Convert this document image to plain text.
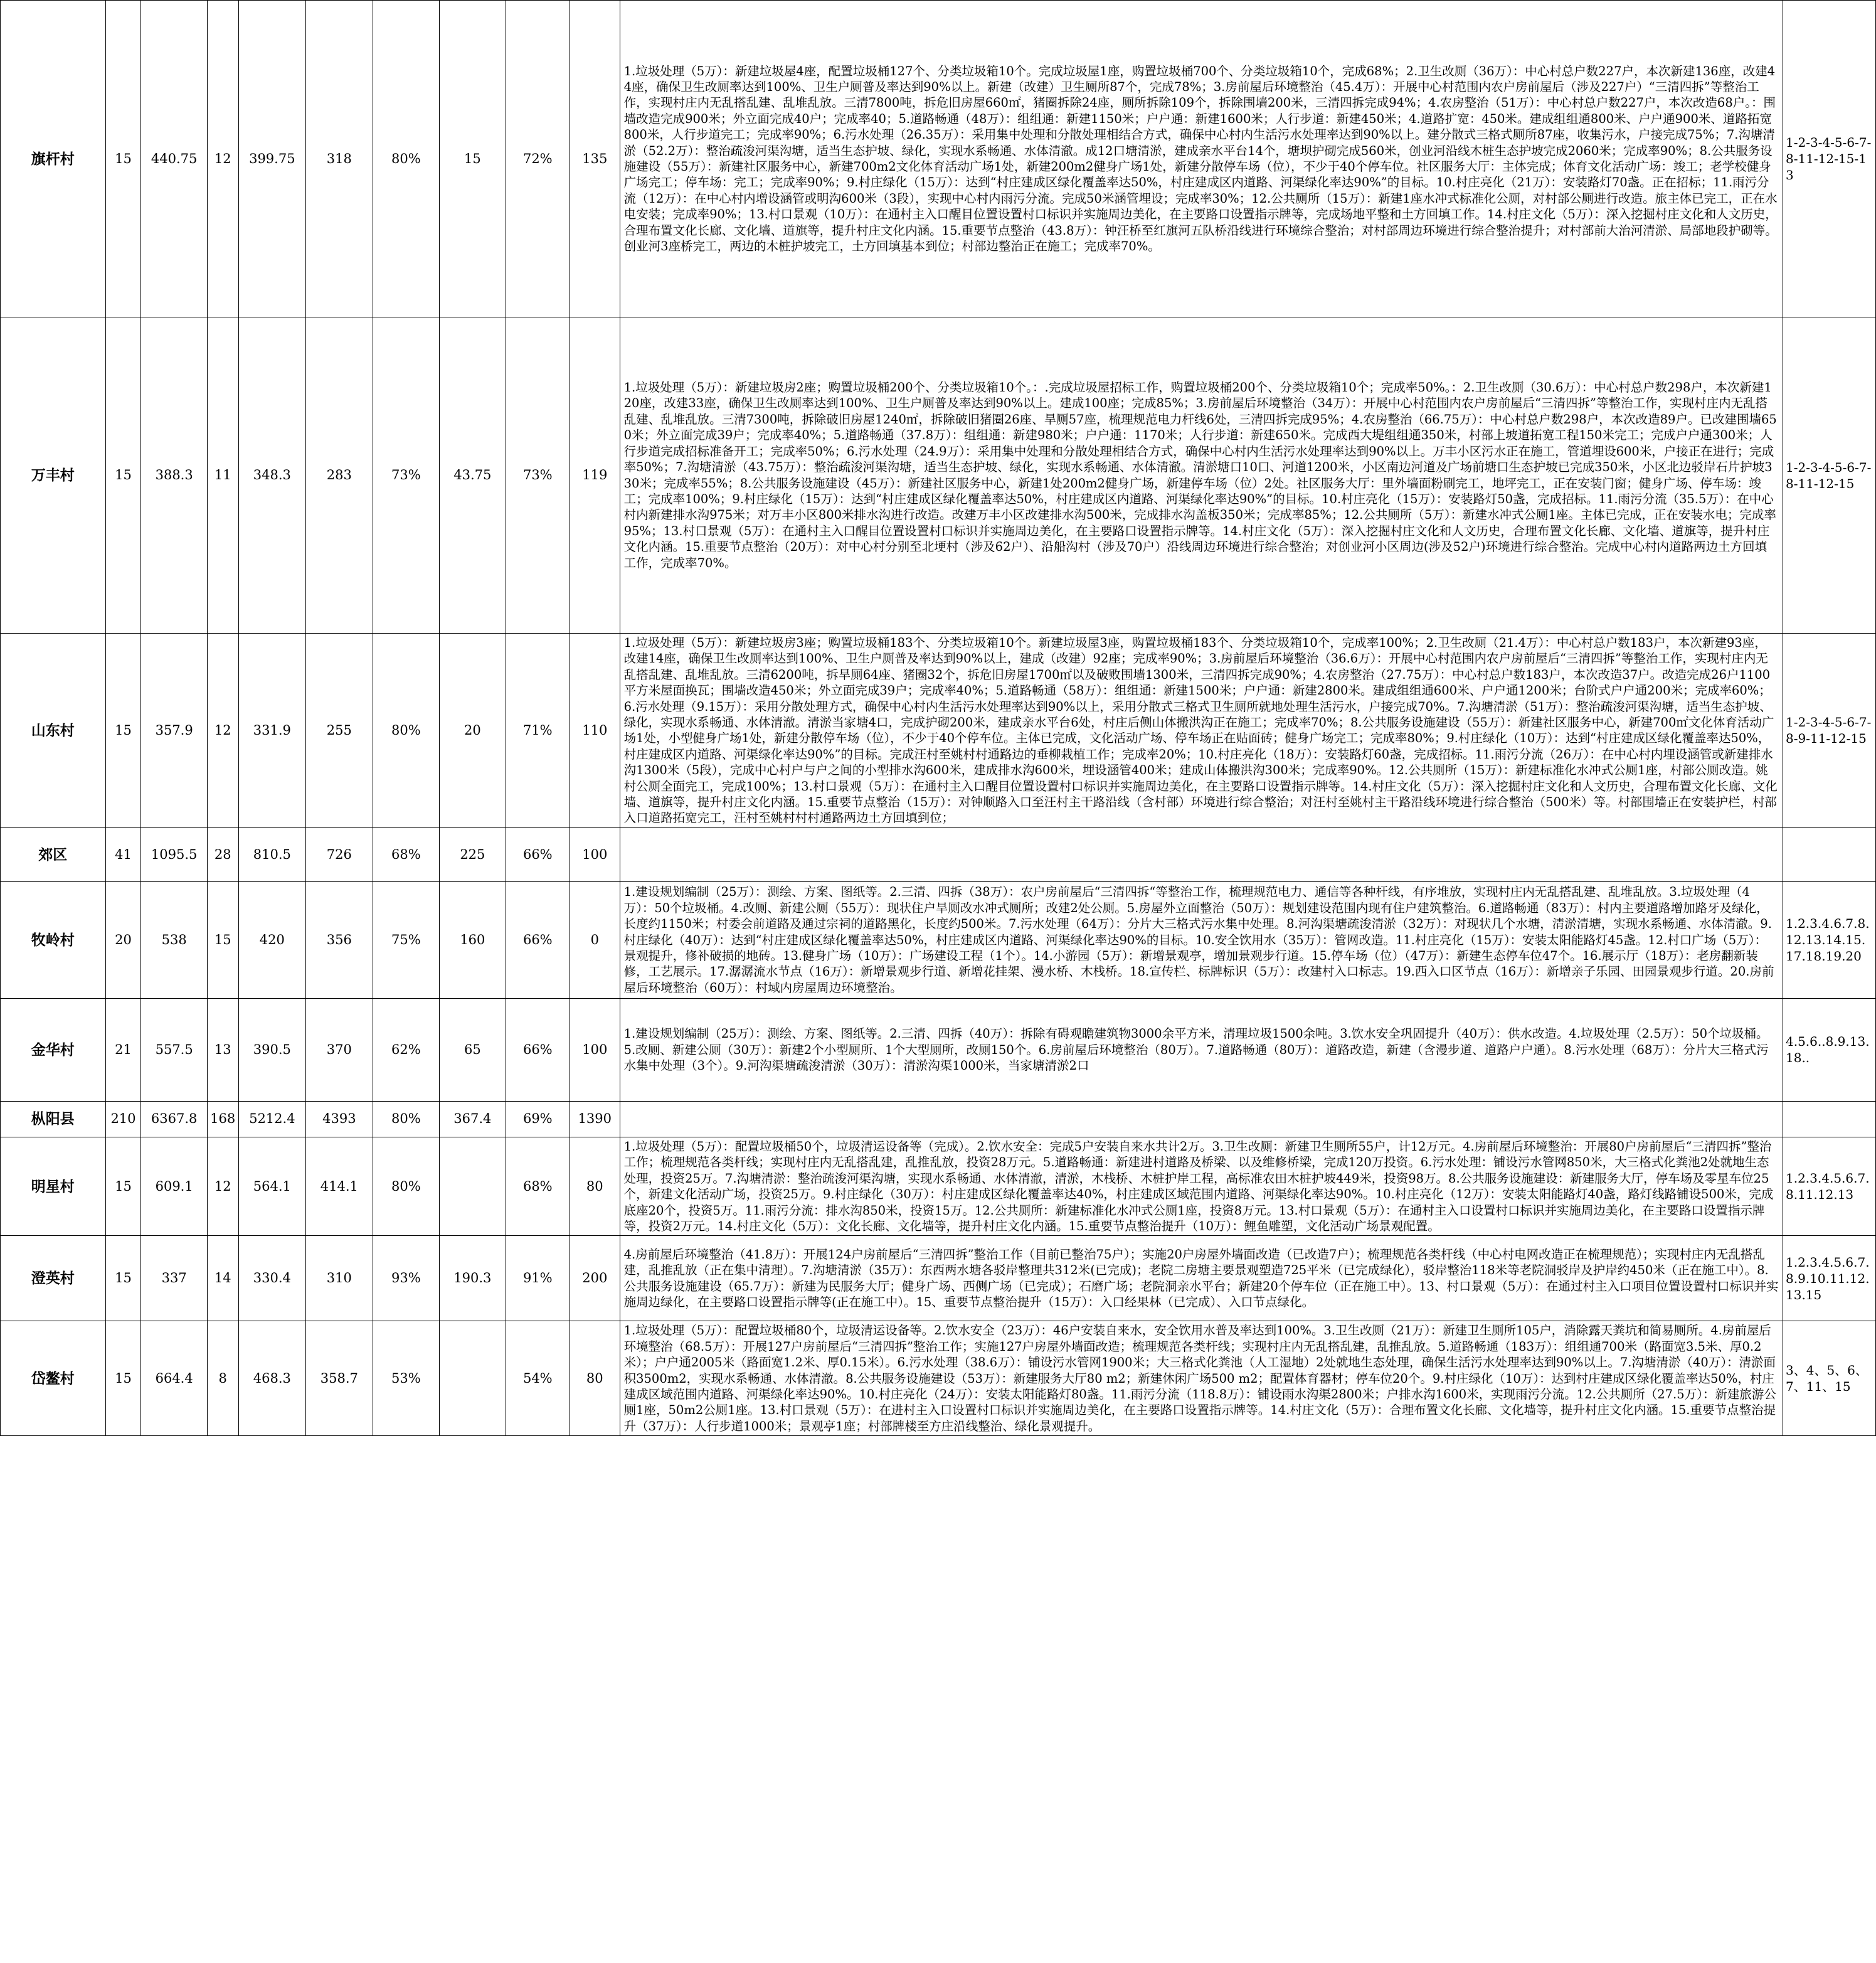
旗杆村	15	440.75	12	399.75	318	80%	15	72%	135	1.垃圾处理（5万）：新建垃圾屋4座，配置垃圾桶127个、分类垃圾箱10个。完成垃圾屋1座，购置垃圾桶700个、分类垃圾箱10个，完成68%；2.卫生改厕（36万）：中心村总户数227户，本次新建136座，改建44座，确保卫生改厕率达到100%、卫生户厕普及率达到90%以上。新建（改建）卫生厕所87个，完成78%；3.房前屋后环境整治（45.4万）：开展中心村范围内农户房前屋后（涉及227户）“三清四拆”等整治工作，实现村庄内无乱搭乱建、乱堆乱放。三清7800吨，拆危旧房屋660㎡，猪圈拆除24座，厕所拆除109个，拆除围墙200米，三清四拆完成94%；4.农房整治（51万）：中心村总户数227户，本次改造68户。：围墙改造完成900米；外立面完成40户；完成率40；5.道路畅通（48万）：组组通：新建1150米；户户通：新建1600米；人行步道：新建450米；4.道路扩宽：450米。建成组组通800米、户户通900米、道路拓宽800米，人行步道完工；完成率90%；6.污水处理（26.35万）：采用集中处理和分散处理相结合方式，确保中心村内生活污水处理率达到90%以上。建分散式三格式厕所87座，收集污水，户接完成75%；7.沟塘清淤（52.2万）：整治疏浚河渠沟塘，适当生态护坡、绿化，实现水系畅通、水体清澈。成12口塘清淤，建成亲水平台14个，塘坝护砌完成560米，创业河沿线木桩生态护坡完成2060米；完成率90%；8.公共服务设施建设（55万）：新建社区服务中心，新建700m2文化体育活动广场1处，新建200m2健身广场1处，新建分散停车场（位），不少于40个停车位。社区服务大厅：主体完成；体育文化活动广场：竣工；老学校健身广场完工；停车场：完工；完成率90%；9.村庄绿化（15万）：达到“村庄建成区绿化覆盖率达50%，村庄建成区内道路、河渠绿化率达90%”的目标。10.村庄亮化（21万）：安装路灯70盏。正在招标；11.雨污分流（12万）：在中心村内增设涵管或明沟600米（3段），实现中心村内雨污分流。完成50米涵管埋设；完成率30%；12.公共厕所（15万）：新建1座水冲式标准化公厕，对村部公厕进行改造。旅主体已完工，正在水电安装；完成率90%；13.村口景观（10万）：在通村主入口醒目位置设置村口标识并实施周边美化，在主要路口设置指示牌等，完成场地平整和土方回填工作。14.村庄文化（5万）：深入挖掘村庄文化和人文历史，合理布置文化长廊、文化墙、道旗等，提升村庄文化内涵。15.重要节点整治（43.8万）：钟汪桥至红旗河五队桥沿线进行环境综合整治；对村部周边环境进行综合整治提升；对村部前大治河清淤、局部地段护砌等。创业河3座桥完工，两边的木桩护坡完工，土方回填基本到位；村部边整治正在施工；完成率70%。	1-2-3-4-5-6-7-8-11-12-15-13
万丰村	15	388.3	11	348.3	283	73%	43.75	73%	119	1.垃圾处理（5万）：新建垃圾房2座；购置垃圾桶200个、分类垃圾箱10个。：.完成垃圾屋招标工作，购置垃圾桶200个、分类垃圾箱10个；完成率50%。：2.卫生改厕（30.6万）：中心村总户数298户，本次新建120座，改建33座，确保卫生改厕率达到100%、卫生户厕普及率达到90%以上。建成100座；完成85%；3.房前屋后环境整治（34万）：开展中心村范围内农户房前屋后“三清四拆”等整治工作，实现村庄内无乱搭乱建、乱堆乱放。三清7300吨，拆除破旧房屋1240㎡，拆除破旧猪圈26座、旱厕57座，梳理规范电力杆线6处，三清四拆完成95%；4.农房整治（66.75万）：中心村总户数298户，本次改造89户。已改建围墙650米；外立面完成39户；完成率40%；5.道路畅通（37.8万）：组组通：新建980米；户户通：1170米；人行步道：新建650米。完成西大堤组组通350米，村部上坡道拓宽工程150米完工；完成户户通300米；人行步道完成招标准备开工；完成率50%；6.污水处理（24.9万）：采用集中处理和分散处理相结合方式，确保中心村内生活污水处理率达到90%以上。万丰小区污水正在施工，管道埋设600米，户接正在进行；完成率50%；7.沟塘清淤（43.75万）：整治疏浚河渠沟塘，适当生态护坡、绿化，实现水系畅通、水体清澈。清淤塘口10口、河道1200米，小区南边河道及广场前塘口生态护坡已完成350米，小区北边驳岸石片护坡330米；完成率55%；8.公共服务设施建设（45万）：新建社区服务中心，新建1处200m2健身广场，新建停车场（位）2处。社区服务大厅：里外墙面粉刷完工，地坪完工，正在安装门窗；健身广场、停车场：竣工；完成率100%；9.村庄绿化（15万）：达到“村庄建成区绿化覆盖率达50%，村庄建成区内道路、河渠绿化率达90%”的目标。10.村庄亮化（15万）：安装路灯50盏，完成招标。11.雨污分流（35.5万）：在中心村内新建排水沟975米；对万丰小区800米排水沟进行改造。改建万丰小区改建排水沟500米，完成排水沟盖板350米；完成率85%；12.公共厕所（5万）：新建水冲式公厕1座。主体已完成，正在安装水电；完成率95%；13.村口景观（5万）：在通村主入口醒目位置设置村口标识并实施周边美化，在主要路口设置指示牌等。14.村庄文化（5万）：深入挖掘村庄文化和人文历史，合理布置文化长廊、文化墙、道旗等，提升村庄文化内涵。15.重要节点整治（20万）：对中心村分别至北埂村（涉及62户）、沿船沟村（涉及70户）沿线周边环境进行综合整治；对创业河小区周边(涉及52户)环境进行综合整治。完成中心村内道路两边土方回填工作，完成率70%。	1-2-3-4-5-6-7-8-11-12-15
山东村	15	357.9	12	331.9	255	80%	20	71%	110	1.垃圾处理（5万）：新建垃圾房3座；购置垃圾桶183个、分类垃圾箱10个。新建垃圾屋3座，购置垃圾桶183个、分类垃圾箱10个，完成率100%；2.卫生改厕（21.4万）：中心村总户数183户，本次新建93座，改建14座，确保卫生改厕率达到100%、卫生户厕普及率达到90%以上，建成（改建）92座；完成率90%；3.房前屋后环境整治（36.6万）：开展中心村范围内农户房前屋后“三清四拆”等整治工作，实现村庄内无乱搭乱建、乱堆乱放。三清6200吨，拆旱厕64座、猪圈32个，拆危旧房屋1700㎡以及破败围墙1300米，三清四拆完成90%；4.农房整治（27.75万）：中心村总户数183户，本次改造37户。改造完成26户1100平方米屋面换瓦；围墙改造450米；外立面完成39户；完成率40%；5.道路畅通（58万）：组组通：新建1500米；户户通：新建2800米。建成组组通600米、户户通1200米；台阶式户户通200米；完成率60%；6.污水处理（9.15万）：采用分散处理方式，确保中心村内生活污水处理率达到90%以上，采用分散式三格式卫生厕所就地处理生活污水，户接完成70%。7.沟塘清淤（51万）：整治疏浚河渠沟塘，适当生态护坡、绿化，实现水系畅通、水体清澈。清淤当家塘4口，完成护砌200米，建成亲水平台6处，村庄后侧山体搬洪沟正在施工；完成率70%；8.公共服务设施建设（55万）：新建社区服务中心，新建700㎡文化体育活动广场1处，小型健身广场1处，新建分散停车场（位），不少于40个停车位。主体已完成，文化活动广场、停车场正在贴面砖；健身广场完工；完成率80%；9.村庄绿化（10万）：达到“村庄建成区绿化覆盖率达50%，村庄建成区内道路、河渠绿化率达90%”的目标。完成汪村至姚村村通路边的垂柳栽植工作；完成率20%；10.村庄亮化（18万）：安装路灯60盏，完成招标。11.雨污分流（26万）：在中心村内埋设涵管或新建排水沟1300米（5段），完成中心村户与户之间的小型排水沟600米，建成排水沟600米，埋设涵管400米；建成山体搬洪沟300米；完成率90%。12.公共厕所（15万）：新建标准化水冲式公厕1座，村部公厕改造。姚村公厕全面完工，完成100%；13.村口景观（5万）：在通村主入口醒目位置设置村口标识并实施周边美化，在主要路口设置指示牌等。14.村庄文化（5万）：深入挖掘村庄文化和人文历史，合理布置文化长廊、文化墙、道旗等，提升村庄文化内涵。15.重要节点整治（15万）：对钟顺路入口至汪村主干路沿线（含村部）环境进行综合整治；对汪村至姚村主干路沿线环境进行综合整治（500米）等。村部围墙正在安装护栏，村部入口道路拓宽完工，汪村至姚村村村通路两边土方回填到位；	1-2-3-4-5-6-7-8-9-11-12-15
郊区	41	1095.5	28	810.5	726	68%	225	66%	100		
牧岭村	20	538	15	420	356	75%	160	66%	0	1.建设规划编制（25万）：测绘、方案、图纸等。2.三清、四拆（38万）：农户房前屋后“三清四拆“等整治工作，梳理规范电力、通信等各种杆线，有序堆放，实现村庄内无乱搭乱建、乱堆乱放。3.垃圾处理（4万）：50个垃圾桶。4.改厕、新建公厕（55万）：现状住户旱厕改水冲式厕所；改建2处公厕。5.房屋外立面整治（50万）：规划建设范围内现有住户建筑整治。6.道路畅通（83万）：村内主要道路增加路牙及绿化，长度约1150米；村委会前道路及通过宗祠的道路黑化，长度约500米。7.污水处理（64万）：分片大三格式污水集中处理。8.河沟渠塘疏浚清淤（32万）：对现状几个水塘，清淤清塘，实现水系畅通、水体清澈。9.村庄绿化（40万）：达到“村庄建成区绿化覆盖率达50%，村庄建成区内道路、河渠绿化率达90%的目标。10.安全饮用水（35万）：管网改造。11.村庄亮化（15万）：安装太阳能路灯45盏。12.村口广场（5万）：景观提升，修补破损的地砖。13.健身广场（10万）：广场建设工程（1个）。14.小游园（5万）：新增景观亭，增加景观步行道。15.停车场（位）（47万）：新建生态停车位47个。16.展示厅（18万）：老房翻新装修，工艺展示。17.潺潺流水节点（16万）：新增景观步行道、新增花挂架、漫水桥、木栈桥。18.宣传栏、标牌标识（5万）：改建村入口标志。19.西入口区节点（16万）：新增亲子乐园、田园景观步行道。20.房前屋后环境整治（60万）：村域内房屋周边环境整治。	1.2.3.4.6.7.8.12.13.14.15.17.18.19.20
金华村	21	557.5	13	390.5	370	62%	65	66%	100	1.建设规划编制（25万）：测绘、方案、图纸等。2.三清、四拆（40万）：拆除有碍观瞻建筑物3000余平方米，清理垃圾1500余吨。3.饮水安全巩固提升（40万）：供水改造。4.垃圾处理（2.5万）：50个垃圾桶。5.改厕、新建公厕（30万）：新建2个小型厕所、1个大型厕所，改厕150个。6.房前屋后环境整治（80万）。7.道路畅通（80万）：道路改造，新建（含漫步道、道路户户通）。8.污水处理（68万）：分片大三格式污水集中处理（3个）。9.河沟渠塘疏浚清淤（30万）：清淤沟渠1000米，当家塘清淤2口	4.5.6..8.9.13.18..
枞阳县	210	6367.8	168	5212.4	4393	80%	367.4	69%	1390		
明星村	15	609.1	12	564.1	414.1	80%		68%	80	1.垃圾处理（5万）：配置垃圾桶50个，垃圾清运设备等（完成）。2.饮水安全：完成5户安装自来水共计2万。3.卫生改厕：新建卫生厕所55户，计12万元。4.房前屋后环境整治：开展80户房前屋后“三清四拆”整治工作；梳理规范各类杆线；实现村庄内无乱搭乱建，乱推乱放，投资28万元。5.道路畅通：新建进村道路及桥梁、以及维修桥梁，完成120万投资。6.污水处理：铺设污水管网850米，大三格式化粪池2处就地生态处理，投资25万。7.沟塘清淤：整治疏浚河渠沟塘，实现水系畅通、水体清澈，清淤，木栈桥、木桩护岸工程，高标准农田木桩护坡449米，投资98万。8.公共服务设施建设：新建服务大厅，停车场及零星车位25个，新建文化活动广场，投资25万。9.村庄绿化（30万）：村庄建成区绿化覆盖率达40%，村庄建成区域范围内道路、河渠绿化率达90%。10.村庄亮化（12万）：安装太阳能路灯40盏，路灯线路铺设500米，完成底座20个，投资5万。11.雨污分流：排水沟850米，投资15万。12.公共厕所：新建标准化水冲式公厕1座，投资8万元。13.村口景观（5万）：在通村主入口设置村口标识并实施周边美化，在主要路口设置指示牌等，投资2万元。14.村庄文化（5万）：文化长廊、文化墙等，提升村庄文化内涵。15.重要节点整治提升（10万）：鲤鱼雕塑，文化活动广场景观配置。	1.2.3.4.5.6.7.8.11.12.13
澄英村	15	337	14	330.4	310	93%	190.3	91%	200	4.房前屋后环境整治（41.8万）：开展124户房前屋后“三清四拆”整治工作（目前已整治75户）；实施20户房屋外墙面改造（已改造7户）；梳理规范各类杆线（中心村电网改造正在梳理规范）；实现村庄内无乱搭乱建，乱推乱放（正在集中清理）。7.沟塘清淤（35万）：东西两水塘各驳岸整理共312米(已完成)；老院二房塘主要景观塑造725平米（已完成绿化），驳岸整治118米等老院洞驳岸及护岸约450米（正在施工中）。8.公共服务设施建设（65.7万）：新建为民服务大厅；健身广场、西侧广场（已完成）；石磨广场；老院洞亲水平台；新建20个停车位（正在施工中）。13、村口景观（5万）：在通过村主入口项目位置设置村口标识并实施周边绿化，在主要路口设置指示牌等(正在施工中）。15、重要节点整治提升（15万）：入口经果林（已完成）、入口节点绿化。	1.2.3.4.5.6.7.8.9.10.11.12.13.15
岱鳌村	15	664.4	8	468.3	358.7	53%		54%	80	1.垃圾处理（5万）：配置垃圾桶80个，垃圾清运设备等。2.饮水安全（23万）：46户安装自来水，安全饮用水普及率达到100%。3.卫生改厕（21万）：新建卫生厕所105户，消除露天粪坑和简易厕所。4.房前屋后环境整治（68.5万）：开展127户房前屋后“三清四拆”整治工作；实施127户房屋外墙面改造；梳理规范各类杆线；实现村庄内无乱搭乱建，乱推乱放。5.道路畅通（183万）：组组通700米（路面宽3.5米、厚0.2米）；户户通2005米（路面宽1.2米、厚0.15米）。6.污水处理（38.6万）：铺设污水管网1900米；大三格式化粪池（人工湿地）2处就地生态处理，确保生活污水处理率达到90%以上。7.沟塘清淤（40万）：清淤面积3500m2，实现水系畅通、水体清澈。8.公共服务设施建设（53万）：新建服务大厅80 m2；新建休闲广场500 m2；配置体育器材；停车位20个。9.村庄绿化（10万）：达到村庄建成区绿化覆盖率达50%，村庄建成区域范围内道路、河渠绿化率达90%。10.村庄亮化（24万）：安装太阳能路灯80盏。11.雨污分流（118.8万）：铺设雨水沟渠2800米；户排水沟1600米，实现雨污分流。12.公共厕所（27.5万）：新建旅游公厕1座，50m2公厕1座。13.村口景观（5万）：在进村主入口设置村口标识并实施周边美化，在主要路口设置指示牌等。14.村庄文化（5万）：合理布置文化长廊、文化墙等，提升村庄文化内涵。15.重要节点整治提升（37万）：人行步道1000米；景观亭1座；村部牌楼至方庄沿线整治、绿化景观提升。	3、4、5、6、7、11、15
